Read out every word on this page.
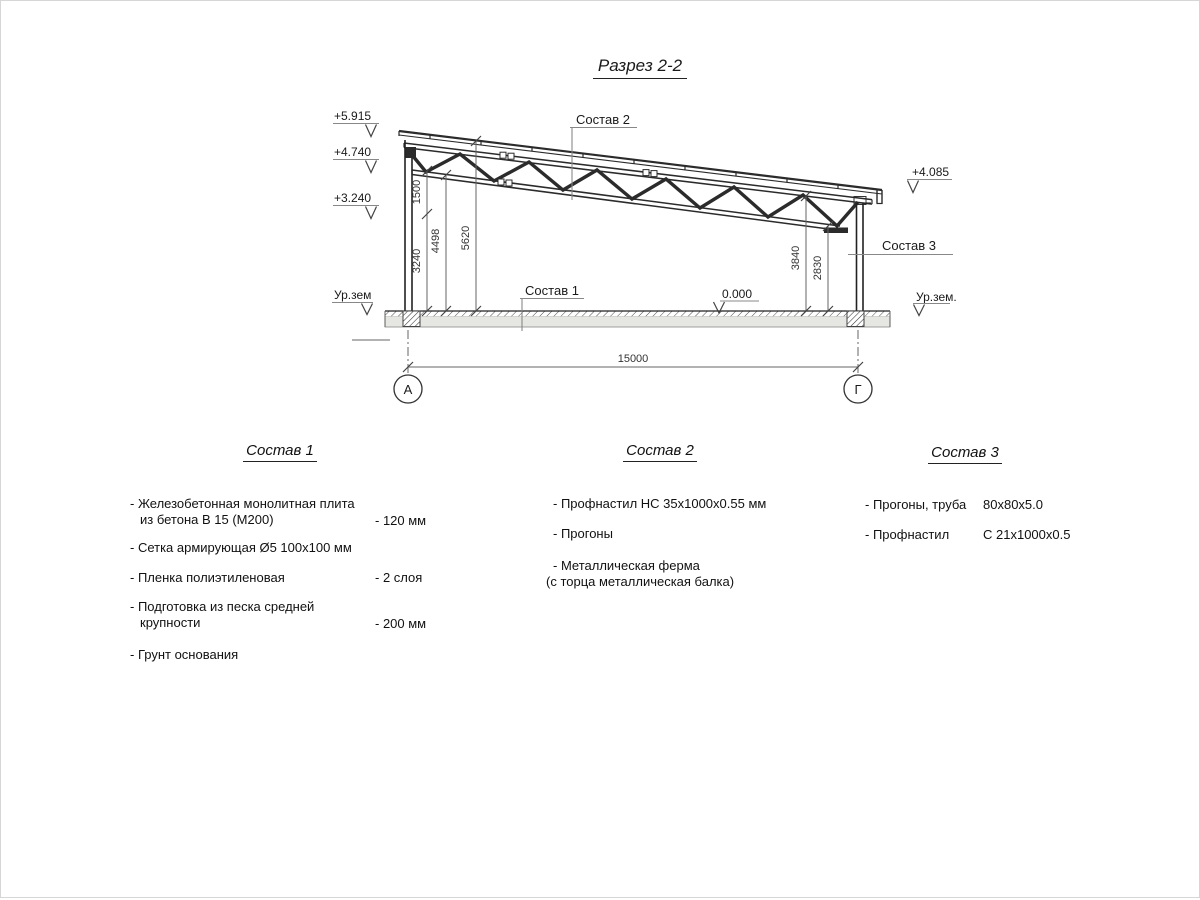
1500
3240
4498 5620
3840 2830
15000
А	Г
+5.915
+4.740
+3.240
+4.085
Ур.зем	Ур.зем.
0.000
Состав 2
Состав 1
Состав 3
Разрез 2-2
Состав 1
- Железобетонная монолитная плита
из бетона В 15 (М200)	- 120 мм
- Сетка армирующая Ø5 100х100 мм
- Пленка полиэтиленовая	- 2 слоя
- Подготовка из песка средней
крупности	- 200 мм
- Грунт основания
Состав 2
- Профнастил НС 35х1000х0.55 мм
- Прогоны
- Металлическая ферма
(с торца металлическая балка)
Состав 3
- Прогоны, труба	80х80х5.0
- Профнастил	С 21х1000х0.5
